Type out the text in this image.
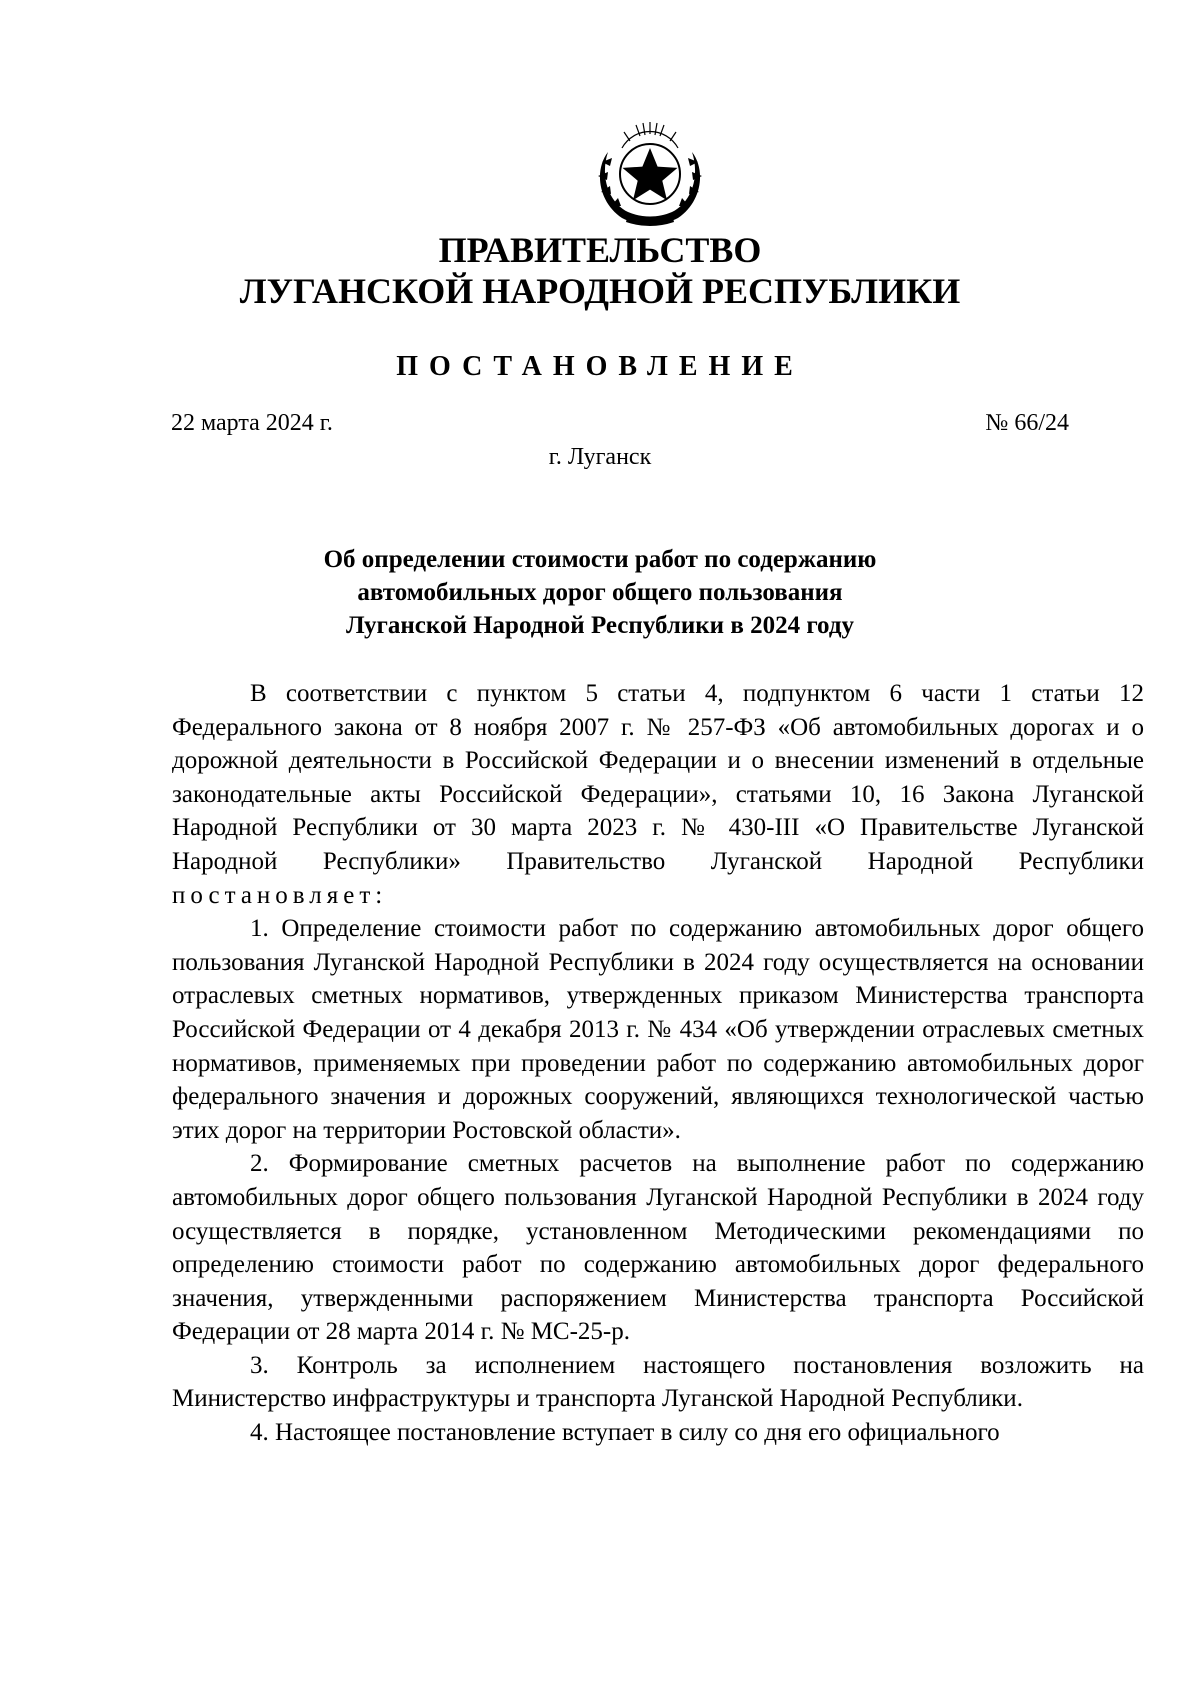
ПРАВИТЕЛЬСТВО
ЛУГАНСКОЙ НАРОДНОЙ РЕСПУБЛИКИ
ПОСТАНОВЛЕНИЕ
22 марта 2024 г.	№ 66/24
г. Луганск
Об определении стоимости работ по содержанию
автомобильных дорог общего пользования
Луганской Народной Республики в 2024 году

В соответствии с пунктом 5 статьи 4, подпунктом 6 части 1 статьи 12 Федерального закона от 8 ноября 2007 г. № 257-ФЗ «Об автомобильных дорогах и о дорожной деятельности в Российской Федерации и о внесении изменений в отдельные законодательные акты Российской Федерации», статьями 10, 16 Закона Луганской Народной Республики от 30 марта 2023 г. № 430-III «О Правительстве Луганской Народной Республики» Правительство Луганской Народной Республики постановляет:

1. Определение стоимости работ по содержанию автомобильных дорог общего пользования Луганской Народной Республики в 2024 году осуществляется на основании отраслевых сметных нормативов, утвержденных приказом Министерства транспорта Российской Федерации от 4 декабря 2013 г. № 434 «Об утверждении отраслевых сметных нормативов, применяемых при проведении работ по содержанию автомобильных дорог федерального значения и дорожных сооружений, являющихся технологической частью этих дорог на территории Ростовской области».

2. Формирование сметных расчетов на выполнение работ по содержанию автомобильных дорог общего пользования Луганской Народной Республики в 2024 году осуществляется в порядке, установленном Методическими рекомендациями по определению стоимости работ по содержанию автомобильных дорог федерального значения, утвержденными распоряжением Министерства транспорта Российской Федерации от 28 марта 2014 г. № МС-25-р.

3. Контроль за исполнением настоящего постановления возложить на Министерство инфраструктуры и транспорта Луганской Народной Республики.

4. Настоящее постановление вступает в силу со дня его официального
